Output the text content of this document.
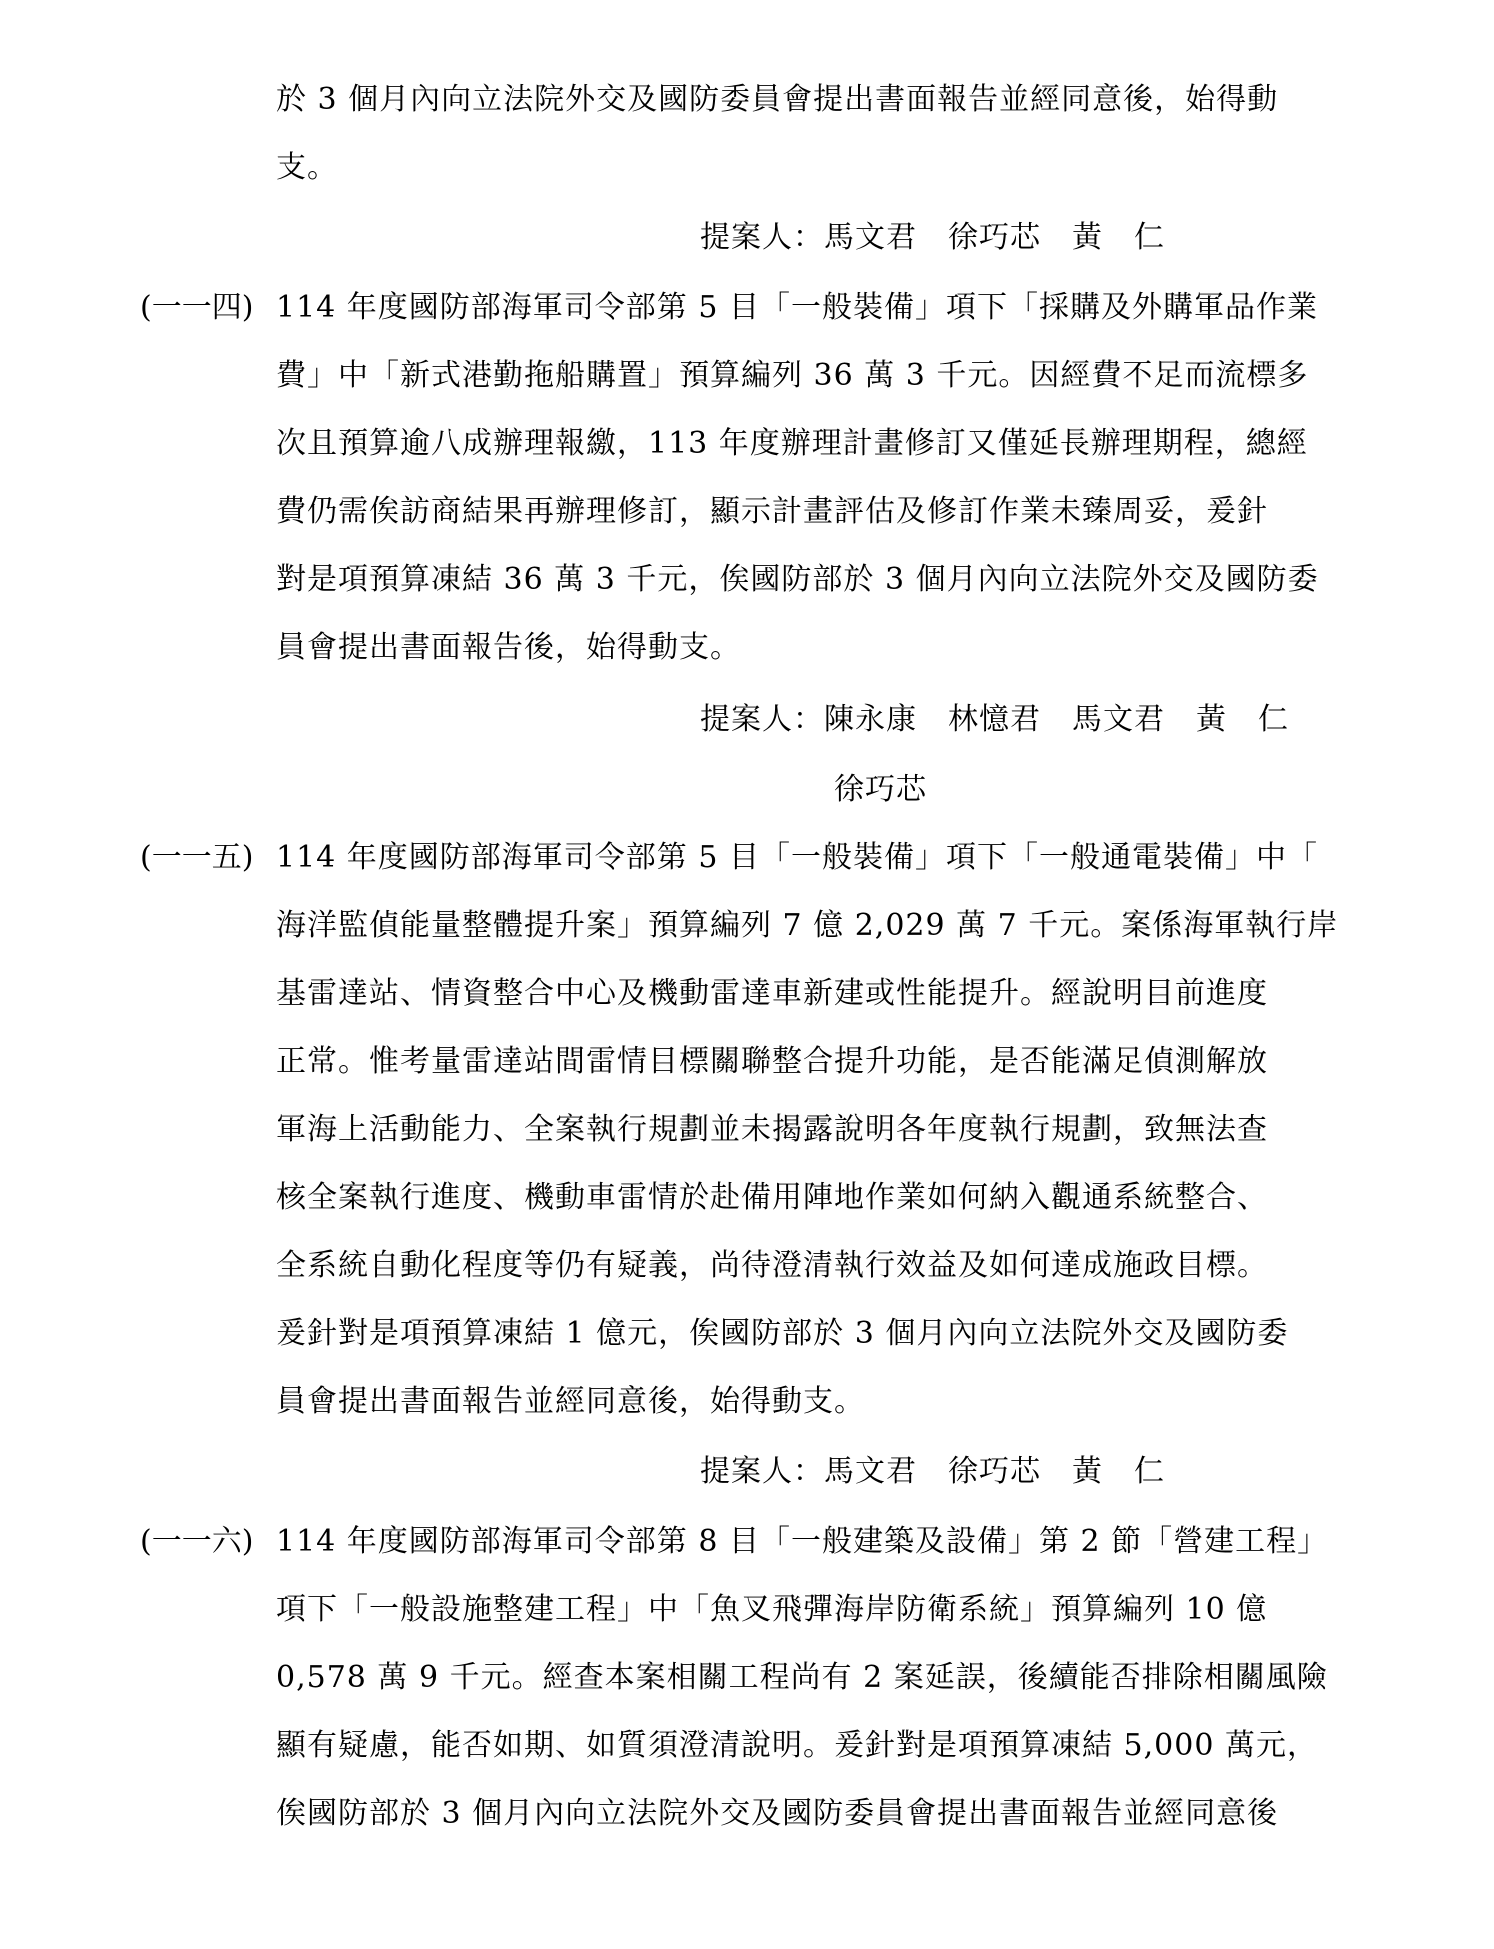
於 3 個月內向立法院外交及國防委員會提出書面報告並經同意後，始得動
支。
提案人：馬文君　徐巧芯　黃　仁
(一一四) 114 年度國防部海軍司令部第 5 目「一般裝備」項下「採購及外購軍品作業
費」中「新式港勤拖船購置」預算編列 36 萬 3 千元。因經費不足而流標多
次且預算逾八成辦理報繳，113 年度辦理計畫修訂又僅延長辦理期程，總經
費仍需俟訪商結果再辦理修訂，顯示計畫評估及修訂作業未臻周妥，爰針
對是項預算凍結 36 萬 3 千元，俟國防部於 3 個月內向立法院外交及國防委
員會提出書面報告後，始得動支。
提案人：陳永康　林憶君　馬文君　黃　仁
徐巧芯
(一一五) 114 年度國防部海軍司令部第 5 目「一般裝備」項下「一般通電裝備」中「
海洋監偵能量整體提升案」預算編列 7 億 2,029 萬 7 千元。案係海軍執行岸
基雷達站、情資整合中心及機動雷達車新建或性能提升。經說明目前進度
正常。惟考量雷達站間雷情目標關聯整合提升功能，是否能滿足偵測解放
軍海上活動能力、全案執行規劃並未揭露說明各年度執行規劃，致無法查
核全案執行進度、機動車雷情於赴備用陣地作業如何納入觀通系統整合、
全系統自動化程度等仍有疑義，尚待澄清執行效益及如何達成施政目標。
爰針對是項預算凍結 1 億元，俟國防部於 3 個月內向立法院外交及國防委
員會提出書面報告並經同意後，始得動支。
提案人：馬文君　徐巧芯　黃　仁
(一一六) 114 年度國防部海軍司令部第 8 目「一般建築及設備」第 2 節「營建工程」
項下「一般設施整建工程」中「魚叉飛彈海岸防衛系統」預算編列 10 億
0,578 萬 9 千元。經查本案相關工程尚有 2 案延誤，後續能否排除相關風險
顯有疑慮，能否如期、如質須澄清說明。爰針對是項預算凍結 5,000 萬元，
俟國防部於 3 個月內向立法院外交及國防委員會提出書面報告並經同意後
